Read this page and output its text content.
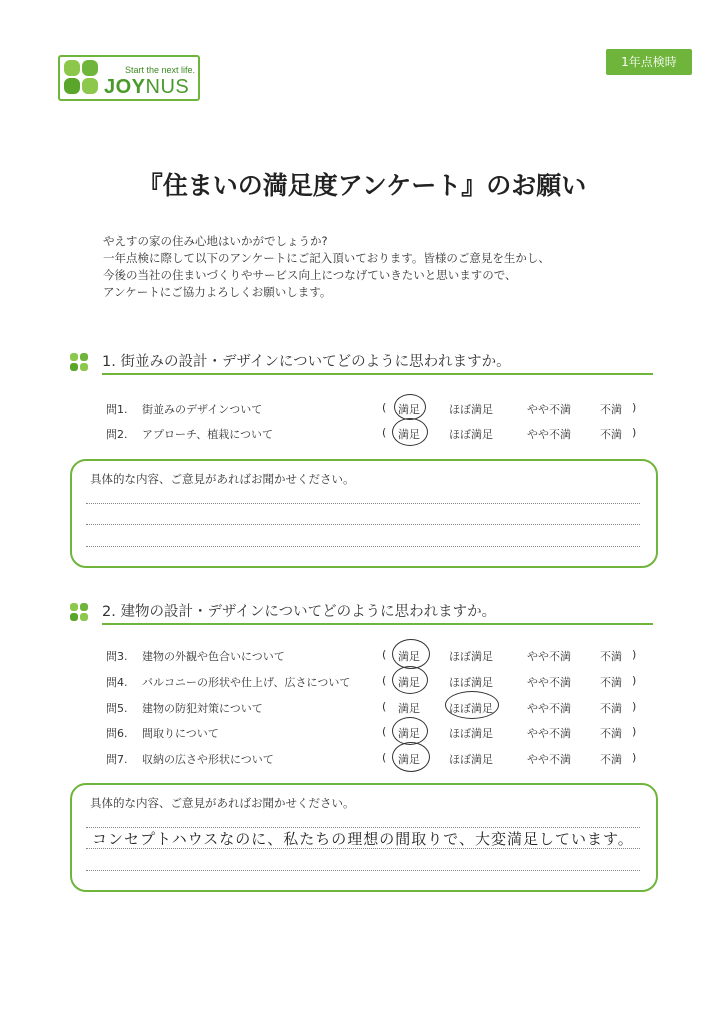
Start the next life.
JOYNUS
1年点検時
『住まいの満足度アンケート』のお願い
やえすの家の住み心地はいかがでしょうか?
一年点検に際して以下のアンケートにご記入頂いております。皆様のご意見を生かし、
今後の当社の住まいづくりやサービス向上につなげていきたいと思いますので、
アンケートにご協力よろしくお願いします。
1. 街並みの設計・デザインについてどのように思われますか。
問1. 街並みのデザインついて	( 満足	ほぼ満足	やや不満	不満 )
問2. アプローチ、植栽について	( 満足	ほぼ満足	やや不満	不満 )
具体的な内容、ご意見があればお聞かせください。
2. 建物の設計・デザインについてどのように思われますか。
問3. 建物の外観や色合いについて	( 満足	ほぼ満足	やや不満	不満 )
問4. バルコニーの形状や仕上げ、広さについて	( 満足	ほぼ満足	やや不満	不満 )
問5. 建物の防犯対策について	( 満足	ほぼ満足	やや不満	不満 )
問6. 間取りについて	( 満足	ほぼ満足	やや不満	不満 )
問7. 収納の広さや形状について	( 満足	ほぼ満足	やや不満	不満 )
具体的な内容、ご意見があればお聞かせください。
コンセプトハウスなのに、私たちの理想の間取りで、大変満足しています。
